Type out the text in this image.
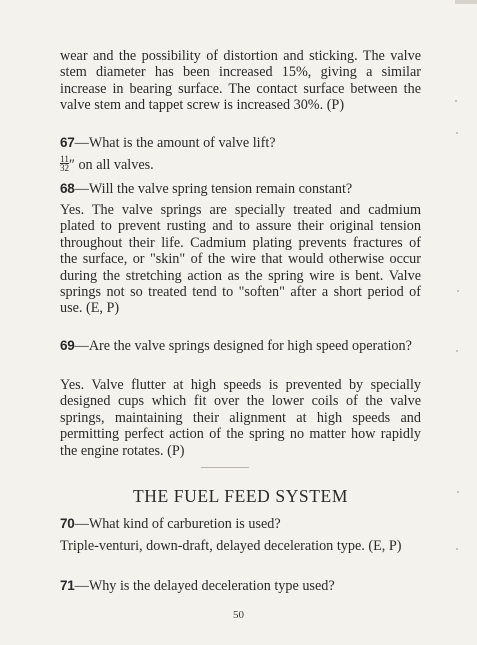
wear and the possibility of distortion and sticking. The valve stem diameter has been increased 15%, giving a similar increase in bearing surface. The contact surface between the valve stem and tappet screw is increased 30%. (P)
67—What is the amount of valve lift?
$\frac{11}{32}$ ″ on all valves.
68—Will the valve spring tension remain constant?
Yes. The valve springs are specially treated and cadmium plated to prevent rusting and to assure their original tension throughout their life. Cadmium plating prevents fractures of the surface, or "skin" of the wire that would otherwise occur during the stretching action as the spring wire is bent. Valve springs not so treated tend to "soften" after a short period of use. (E, P)
69—Are the valve springs designed for high speed operation?
Yes. Valve flutter at high speeds is prevented by specially designed cups which fit over the lower coils of the valve springs, maintaining their alignment at high speeds and permitting perfect action of the spring no matter how rapidly the engine rotates. (P)
THE FUEL FEED SYSTEM
70—What kind of carburetion is used?
Triple-venturi, down-draft, delayed deceleration type. (E, P)
71—Why is the delayed deceleration type used?
50
